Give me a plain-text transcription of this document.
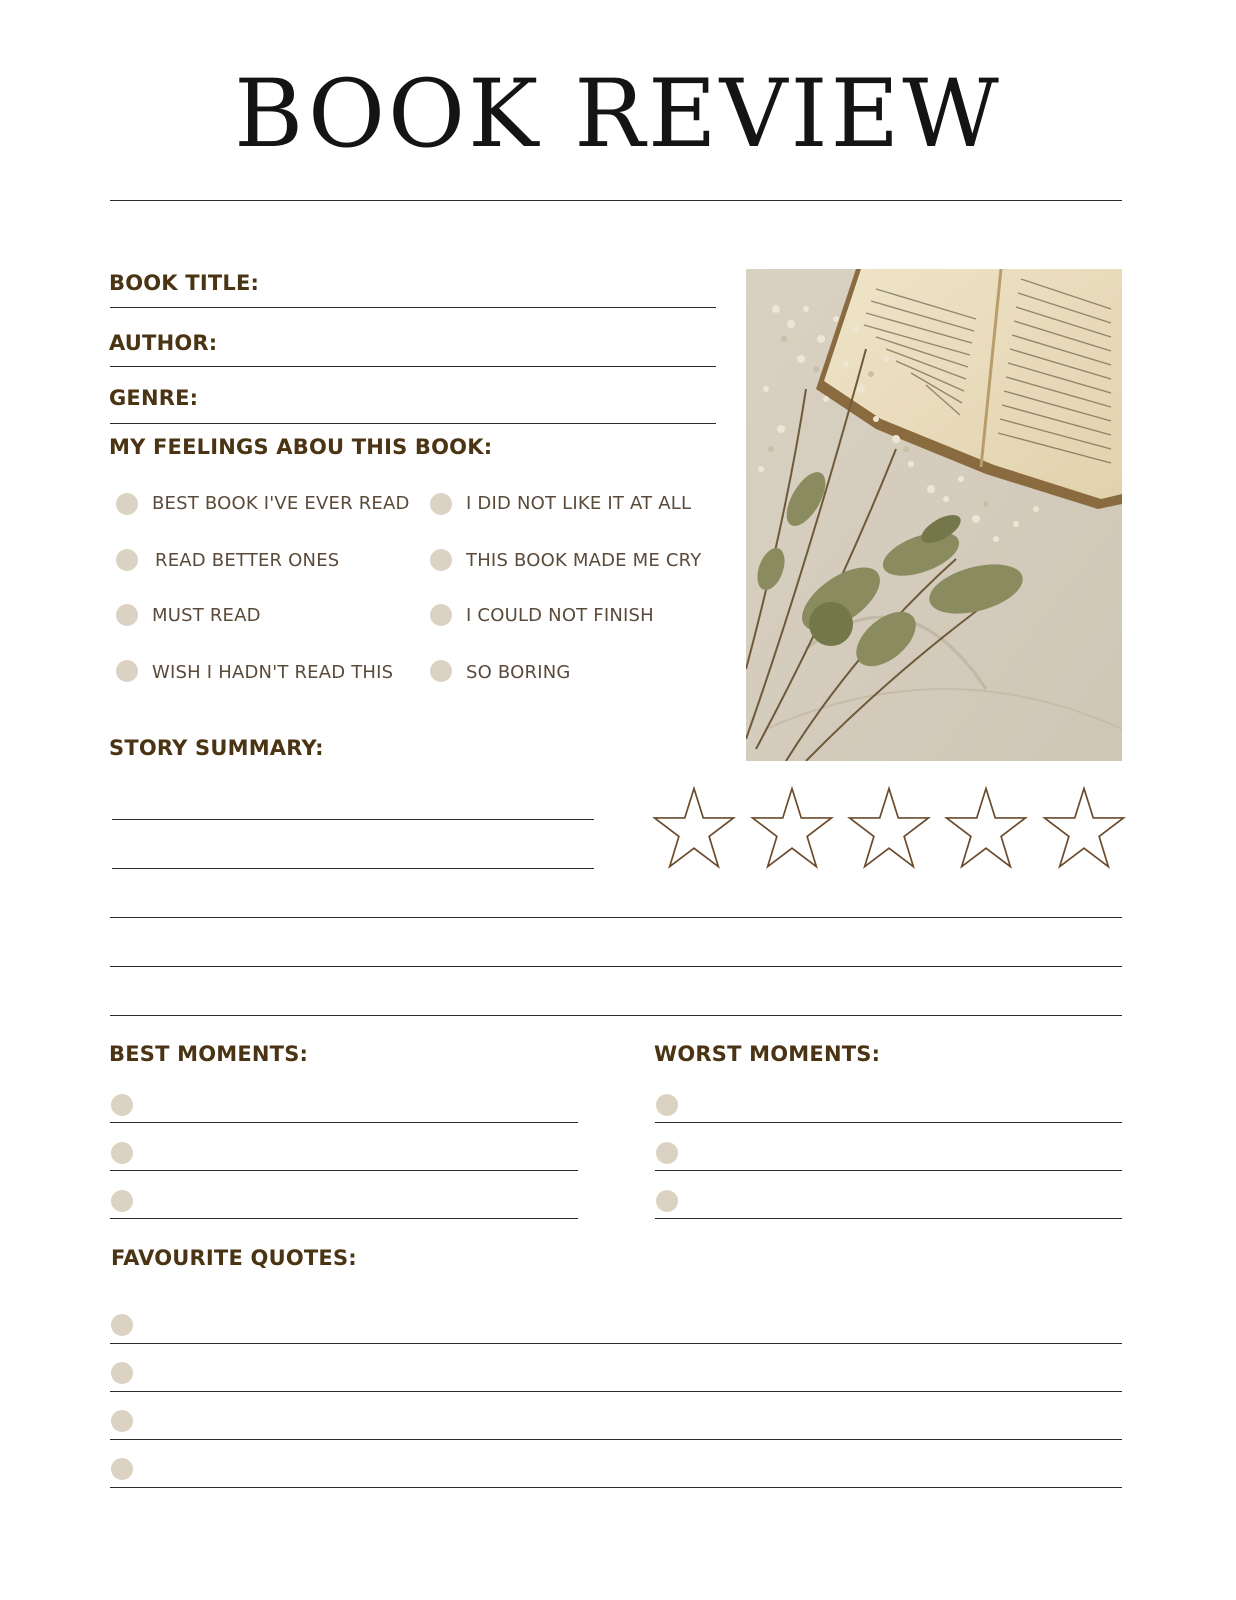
BOOK REVIEW
BOOK TITLE:
AUTHOR:
GENRE:
MY FEELINGS ABOU THIS BOOK:
BEST BOOK I'VE EVER READ	I DID NOT LIKE IT AT ALL
READ BETTER ONES	THIS BOOK MADE ME CRY
MUST READ	I COULD NOT FINISH
WISH I HADN'T READ THIS	SO BORING
STORY SUMMARY:
BEST MOMENTS:	WORST MOMENTS:
FAVOURITE QUOTES:
